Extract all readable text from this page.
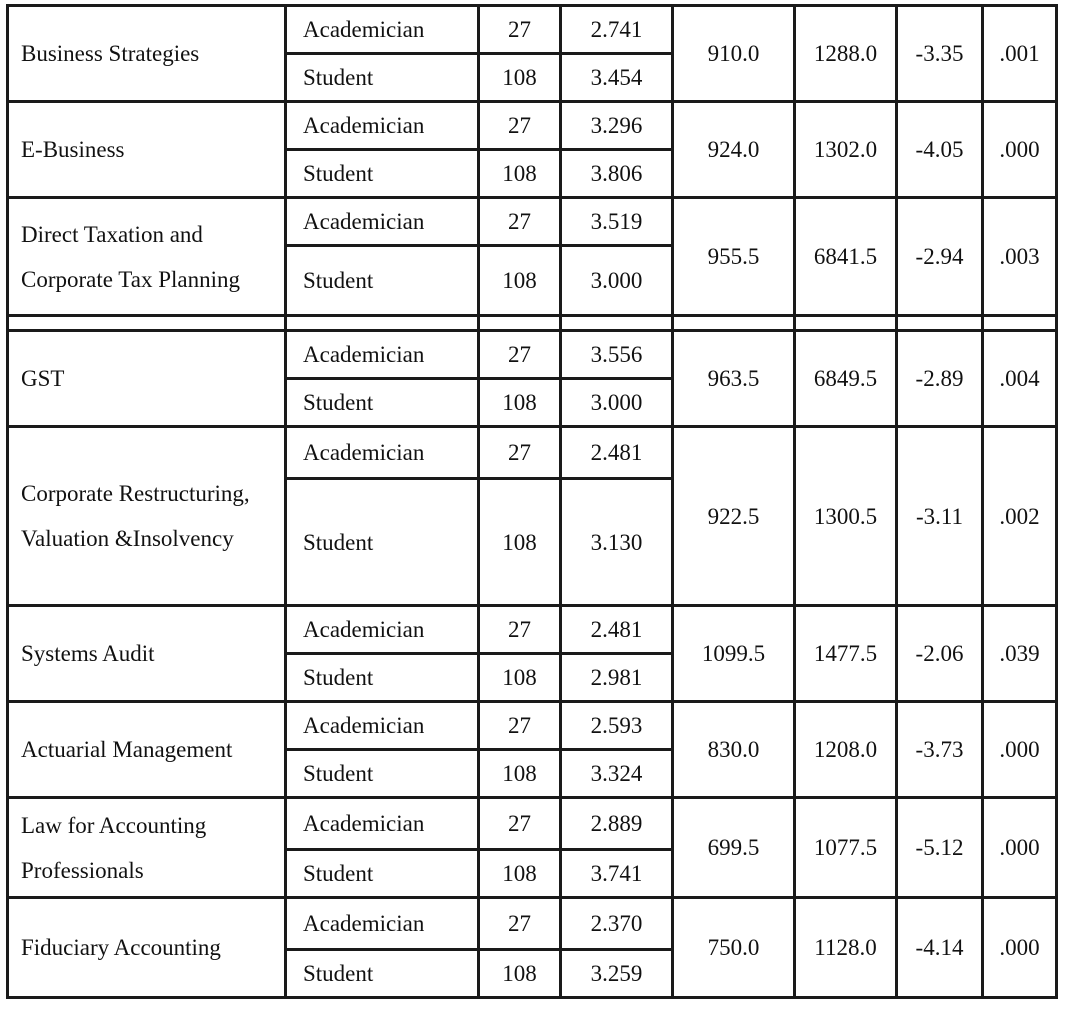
Business Strategies	Academician	27	2.741	910.0	1288.0	-3.35	.001
	Student	108	3.454				
E-Business	Academician	27	3.296	924.0	1302.0	-4.05	.000
	Student	108	3.806				
Direct Taxation and Corporate Tax Planning	Academician	27	3.519	955.5	6841.5	-2.94	.003
	Student	108	3.000				

GST	Academician	27	3.556	963.5	6849.5	-2.89	.004
	Student	108	3.000				
Corporate Restructuring, Valuation &Insolvency	Academician	27	2.481	922.5	1300.5	-3.11	.002
	Student	108	3.130				
Systems Audit	Academician	27	2.481	1099.5	1477.5	-2.06	.039
	Student	108	2.981				
Actuarial Management	Academician	27	2.593	830.0	1208.0	-3.73	.000
	Student	108	3.324				
Law for Accounting Professionals	Academician	27	2.889	699.5	1077.5	-5.12	.000
	Student	108	3.741				
Fiduciary Accounting	Academician	27	2.370	750.0	1128.0	-4.14	.000
	Student	108	3.259				
